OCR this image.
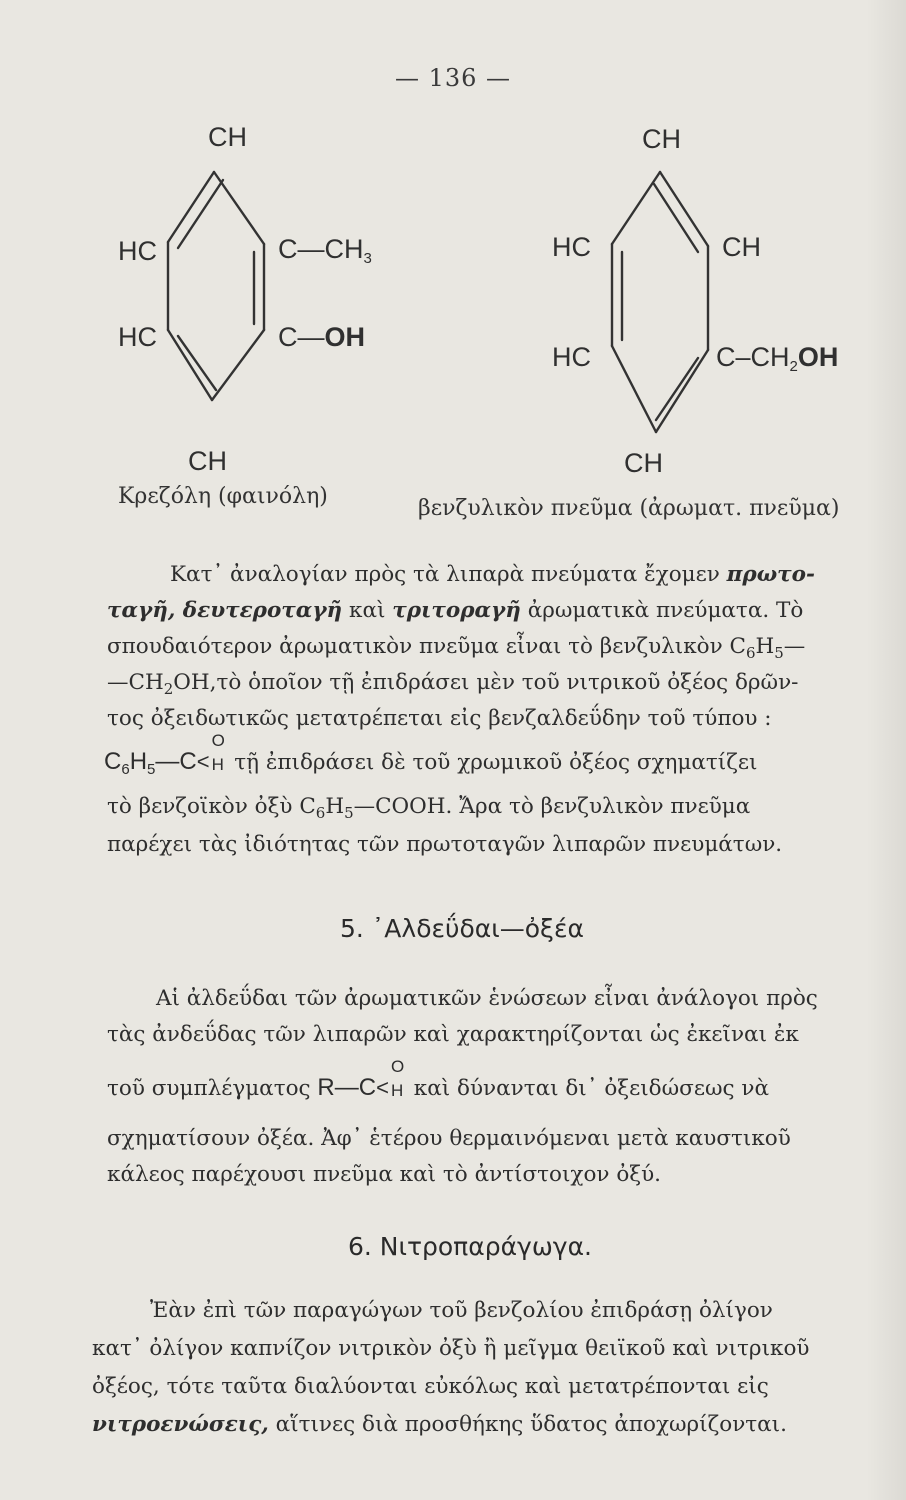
— 136 —
CH
HC	$C—CH_3$
HC	C—OH
CH
Κρεζόλη (φαινόλη)
CH
HC	CH
HC	$C-CH_2OH$
CH
βενζυλικὸν πνεῦμα (ἀρωματ. πνεῦμα)
Κατ᾽ ἀναλογίαν πρὸς τὰ λιπαρὰ πνεύματα ἔχομεν πρωτο-
ταγῆ, δευτεροταγῆ καὶ τριτοραγῆ ἀρωματικὰ πνεύματα. Τὸ
σπουδαιότερον ἀρωματικὸν πνεῦμα εἶναι τὸ βενζυλικὸν $C_6H_5—$
$—CH_2OH,\tau ὸ$ ὁποῖον τῇ ἐπιδράσει μὲν τοῦ νιτρικοῦ ὀξέος δρῶν-
τος ὀξειδωτικῶς μετατρέπεται εἰς βενζαλδεΰδην τοῦ τύπου :
$C_6H_5—C<$
O
H τῇ ἐπιδράσει δὲ τοῦ χρωμικοῦ ὀξέος σχηματίζει
τὸ βενζοϊκὸν ὀξὺ $C_6H_5—COOH$. Ἄρα τὸ βενζυλικὸν πνεῦμα
παρέχει τὰς ἰδιότητας τῶν πρωτοταγῶν λιπαρῶν πνευμάτων.
5. ᾿Αλδεΰδαι—ὀξέα
Αἱ ἀλδεΰδαι τῶν ἀρωματικῶν ἑνώσεων εἶναι ἀνάλογοι πρὸς
τὰς ἀνδεΰδας τῶν λιπαρῶν καὶ χαρακτηρίζονται ὡς ἐκεῖναι ἐκ
τοῦ συμπλέγματος R—C<
O
H καὶ δύνανται δι᾽ ὀξειδώσεως νὰ
σχηματίσουν ὀξέα. Ἀφ᾽ ἑτέρου θερμαινόμεναι μετὰ καυστικοῦ
κάλεος παρέχουσι πνεῦμα καὶ τὸ ἀντίστοιχον ὀξύ.
6. Νιτροπαράγωγα.
Ἐὰν ἐπὶ τῶν παραγώγων τοῦ βενζολίου ἐπιδράσῃ ὀλίγον
κατ᾽ ὀλίγον καπνίζον νιτρικὸν ὀξὺ ἢ μεῖγμα θειϊκοῦ καὶ νιτρικοῦ
ὀξέος, τότε ταῦτα διαλύονται εὐκόλως καὶ μετατρέπονται εἰς
νιτροενώσεις, αἵτινες διὰ προσθήκης ὕδατος ἀποχωρίζονται.
